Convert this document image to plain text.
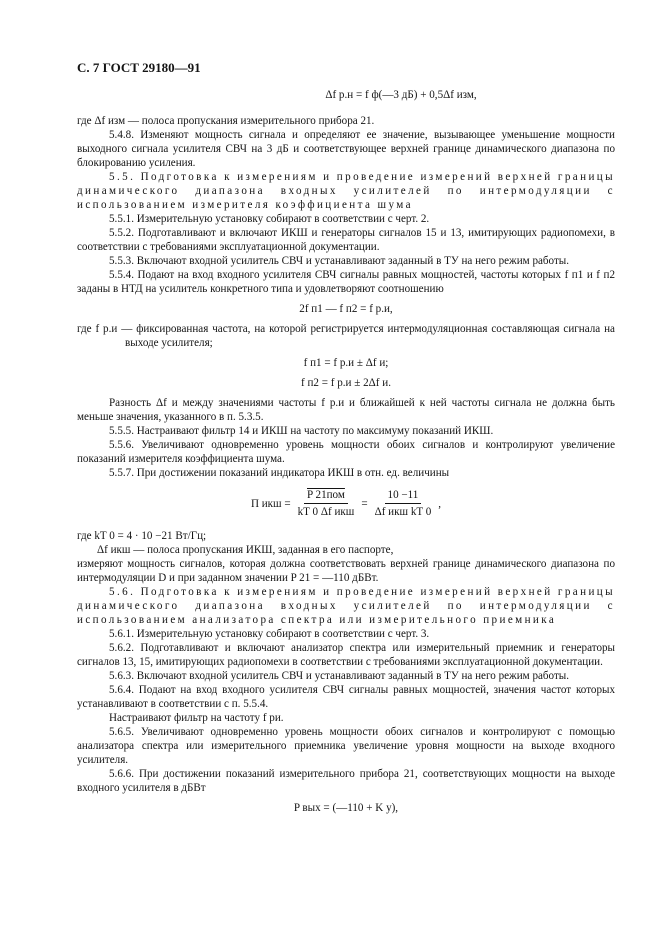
С. 7 ГОСТ 29180—91

Δf р.н = f ф(—3 дБ) + 0,5Δf изм,

где Δf изм — полоса пропускания измерительного прибора 21.

5.4.8. Изменяют мощность сигнала и определяют ее значение, вызывающее уменьшение мощности выходного сигнала усилителя СВЧ на 3 дБ и соответствующее верхней границе динамического диапазона по блокированию усиления.

5.5. Подготовка к измерениям и проведение измерений верхней границы динамического диапазона входных усилителей по интермодуляции с использованием измерителя коэффициента шума

5.5.1. Измерительную установку собирают в соответствии с черт. 2.

5.5.2. Подготавливают и включают ИКШ и генераторы сигналов 15 и 13, имитирующих радиопомехи, в соответствии с требованиями эксплуатационной документации.

5.5.3. Включают входной усилитель СВЧ и устанавливают заданный в ТУ на него режим работы.

5.5.4. Подают на вход входного усилителя СВЧ сигналы равных мощностей, частоты которых f п1 и f п2 заданы в НТД на усилитель конкретного типа и удовлетворяют соотношению

2f п1 — f п2 = f р.и,

где f р.и — фиксированная частота, на которой регистрируется интермодуляционная составляющая сигнала на выходе усилителя;

f п1 = f р.и ± Δf и;

f п2 = f р.и ± 2Δf и.

Разность Δf и между значениями частоты f р.и и ближайшей к ней частоты сигнала не должна быть меньше значения, указанного в п. 5.3.5.

5.5.5. Настраивают фильтр 14 и ИКШ на частоту по максимуму показаний ИКШ.

5.5.6. Увеличивают одновременно уровень мощности обоих сигналов и контролируют увеличение показаний измерителя коэффициента шума.

5.5.7. При достижении показаний индикатора ИКШ в отн. ед. величины

П икш = $\frac{\text{P 21пом}}{\text{kT 0 Δf икш}} = \frac{10 -11}{\text{Δf икш kT 0}}$ ,

где kT 0 = 4 · 10 −21 Вт/Гц;

Δf икш — полоса пропускания ИКШ, заданная в его паспорте,

измеряют мощность сигналов, которая должна соответствовать верхней границе динамического диапазона по интермодуляции D и при заданном значении P 21 = —110 дБВт.

5.6. Подготовка к измерениям и проведение измерений верхней границы динамического диапазона входных усилителей по интермодуляции с использованием анализатора спектра или измерительного приемника

5.6.1. Измерительную установку собирают в соответствии с черт. 3.

5.6.2. Подготавливают и включают анализатор спектра или измерительный приемник и генераторы сигналов 13, 15, имитирующих радиопомехи в соответствии с требованиями эксплуатационной документации.

5.6.3. Включают входной усилитель СВЧ и устанавливают заданный в ТУ на него режим работы.

5.6.4. Подают на вход входного усилителя СВЧ сигналы равных мощностей, значения частот которых устанавливают в соответствии с п. 5.5.4.

Настраивают фильтр на частоту f ри.

5.6.5. Увеличивают одновременно уровень мощности обоих сигналов и контролируют с помощью анализатора спектра или измерительного приемника увеличение уровня мощности на выходе входного усилителя.

5.6.6. При достижении показаний измерительного прибора 21, соответствующих мощности на выходе входного усилителя в дБВт

P вых = (—110 + K у),
